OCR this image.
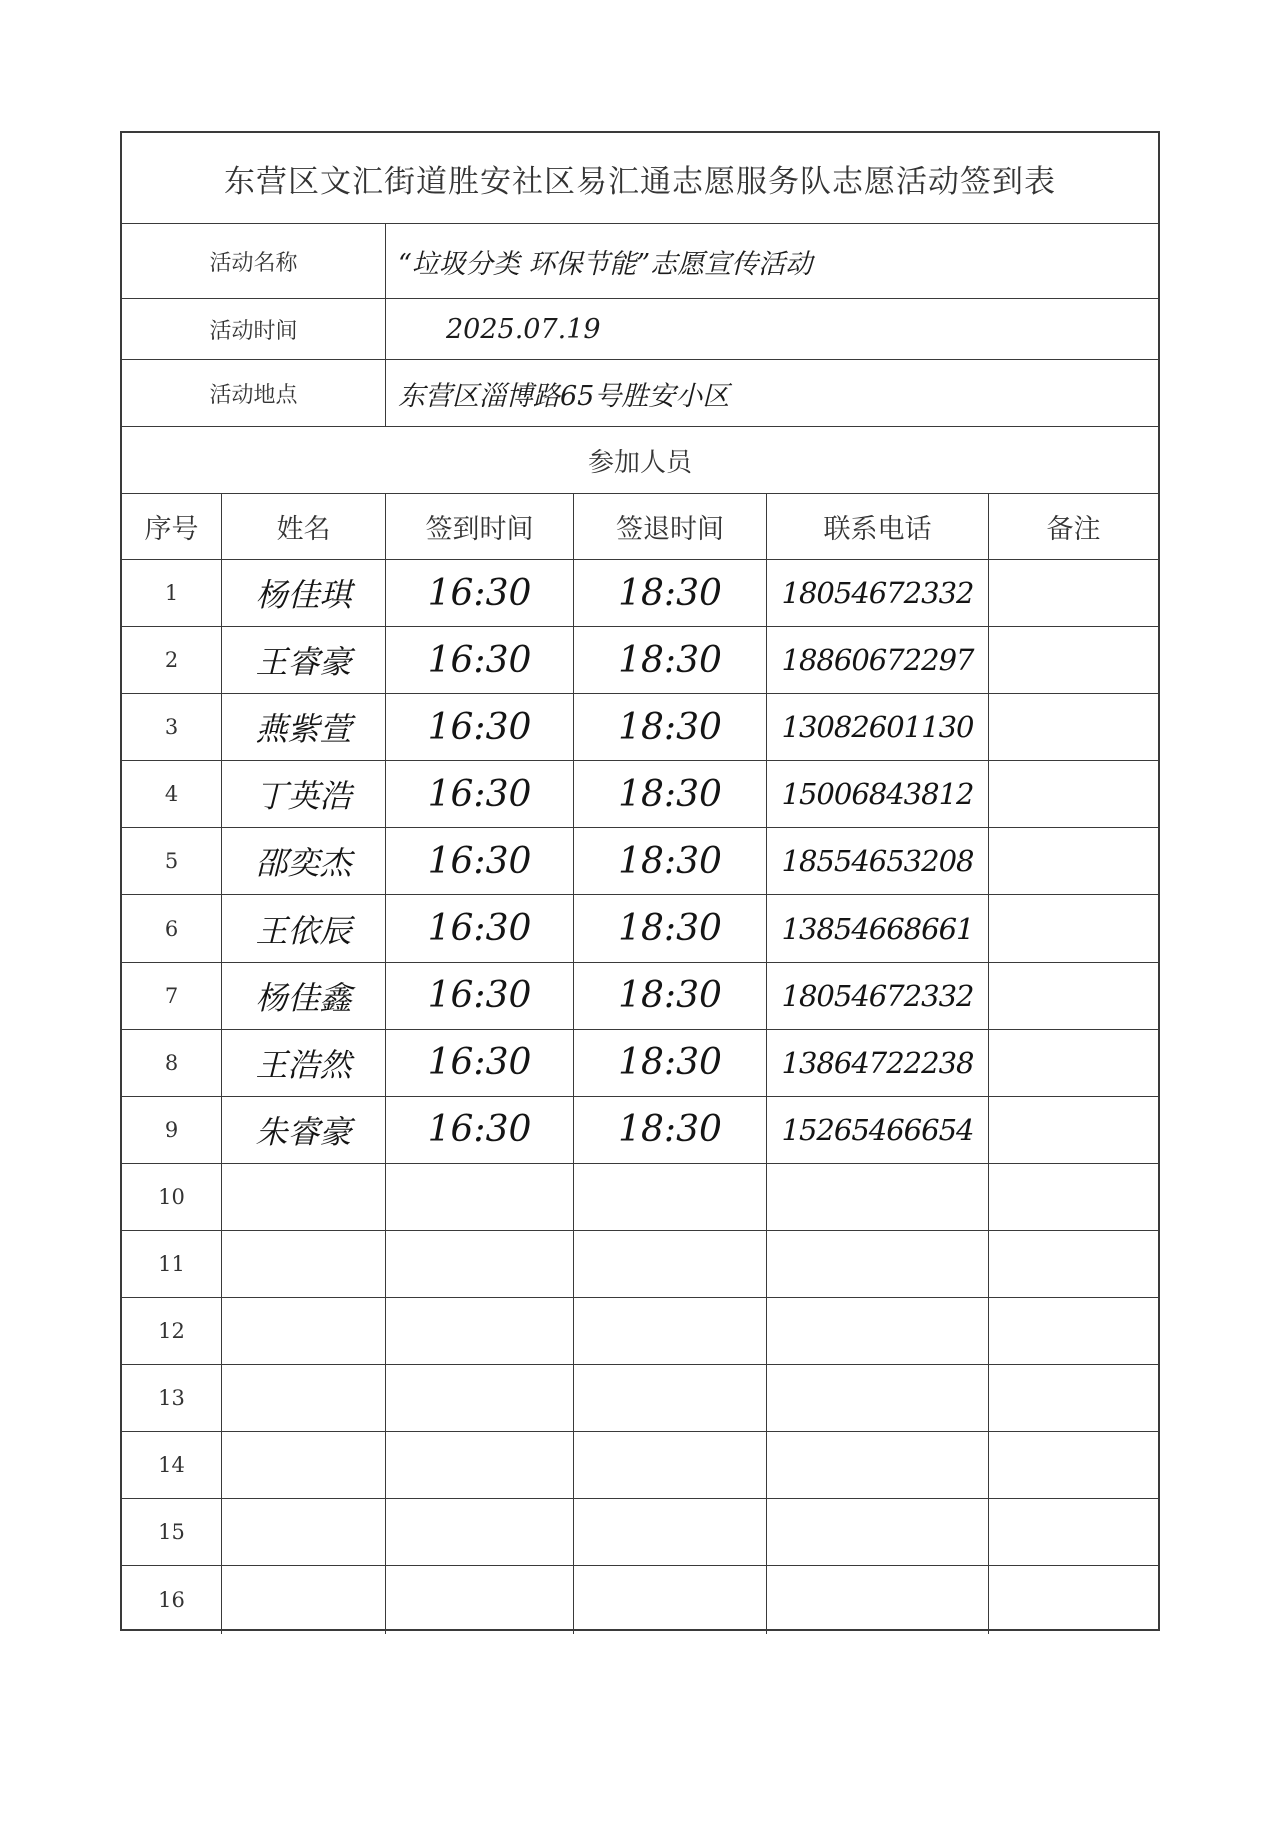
东营区文汇街道胜安社区易汇通志愿服务队志愿活动签到表
活动名称	“垃圾分类 环保节能”志愿宣传活动
活动时间	2025.07.19
活动地点	东营区淄博路65号胜安小区
参加人员
序号	姓名	签到时间	签退时间	联系电话	备注
1	杨佳琪	16:30	18:30	18054672332
2	王睿豪	16:30	18:30	18860672297
3	燕紫萱	16:30	18:30	13082601130
4	丁英浩	16:30	18:30	15006843812
5	邵奕杰	16:30	18:30	18554653208
6	王依辰	16:30	18:30	13854668661
7	杨佳鑫	16:30	18:30	18054672332
8	王浩然	16:30	18:30	13864722238
9	朱睿豪	16:30	18:30	15265466654
10
11
12
13
14
15
16
